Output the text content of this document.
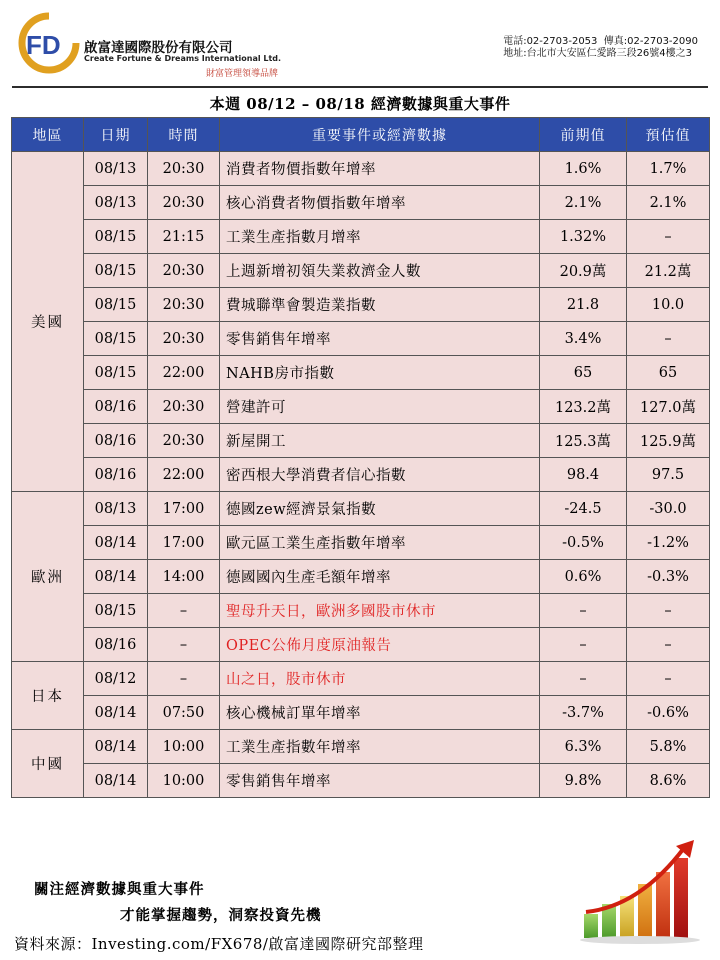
FD 啟富達國際股份有限公司
Create Fortune & Dreams International Ltd.
財富管理領導品牌
電話:02-2703-2053 傳真:02-2703-2090
地址:台北市大安區仁愛路三段26號4樓之3
本週 08/12 – 08/18 經濟數據與重大事件
地區	日期	時間	重要事件或經濟數據	前期值	預估值
美國	08/13	20:30	消費者物價指數年增率	1.6%	1.7%
	08/13	20:30	核心消費者物價指數年增率	2.1%	2.1%
	08/15	21:15	工業生產指數月增率	1.32%	–
	08/15	20:30	上週新增初領失業救濟金人數	20.9萬	21.2萬
	08/15	20:30	費城聯準會製造業指數	21.8	10.0
	08/15	20:30	零售銷售年增率	3.4%	–
	08/15	22:00	NAHB房市指數	65	65
	08/16	20:30	營建許可	123.2萬	127.0萬
	08/16	20:30	新屋開工	125.3萬	125.9萬
	08/16	22:00	密西根大學消費者信心指數	98.4	97.5
歐洲	08/13	17:00	德國zew經濟景氣指數	-24.5	-30.0
	08/14	17:00	歐元區工業生產指數年增率	-0.5%	-1.2%
	08/14	14:00	德國國內生產毛額年增率	0.6%	-0.3%
	08/15	–	聖母升天日，歐洲多國股市休市	–	–
	08/16	–	OPEC公佈月度原油報告	–	–
日本	08/12	–	山之日，股市休市	–	–
	08/14	07:50	核心機械訂單年增率	-3.7%	-0.6%
中國	08/14	10:00	工業生產指數年增率	6.3%	5.8%
	08/14	10:00	零售銷售年增率	9.8%	8.6%
關注經濟數據與重大事件
才能掌握趨勢，洞察投資先機
資料來源：Investing.com/FX678/啟富達國際研究部整理
